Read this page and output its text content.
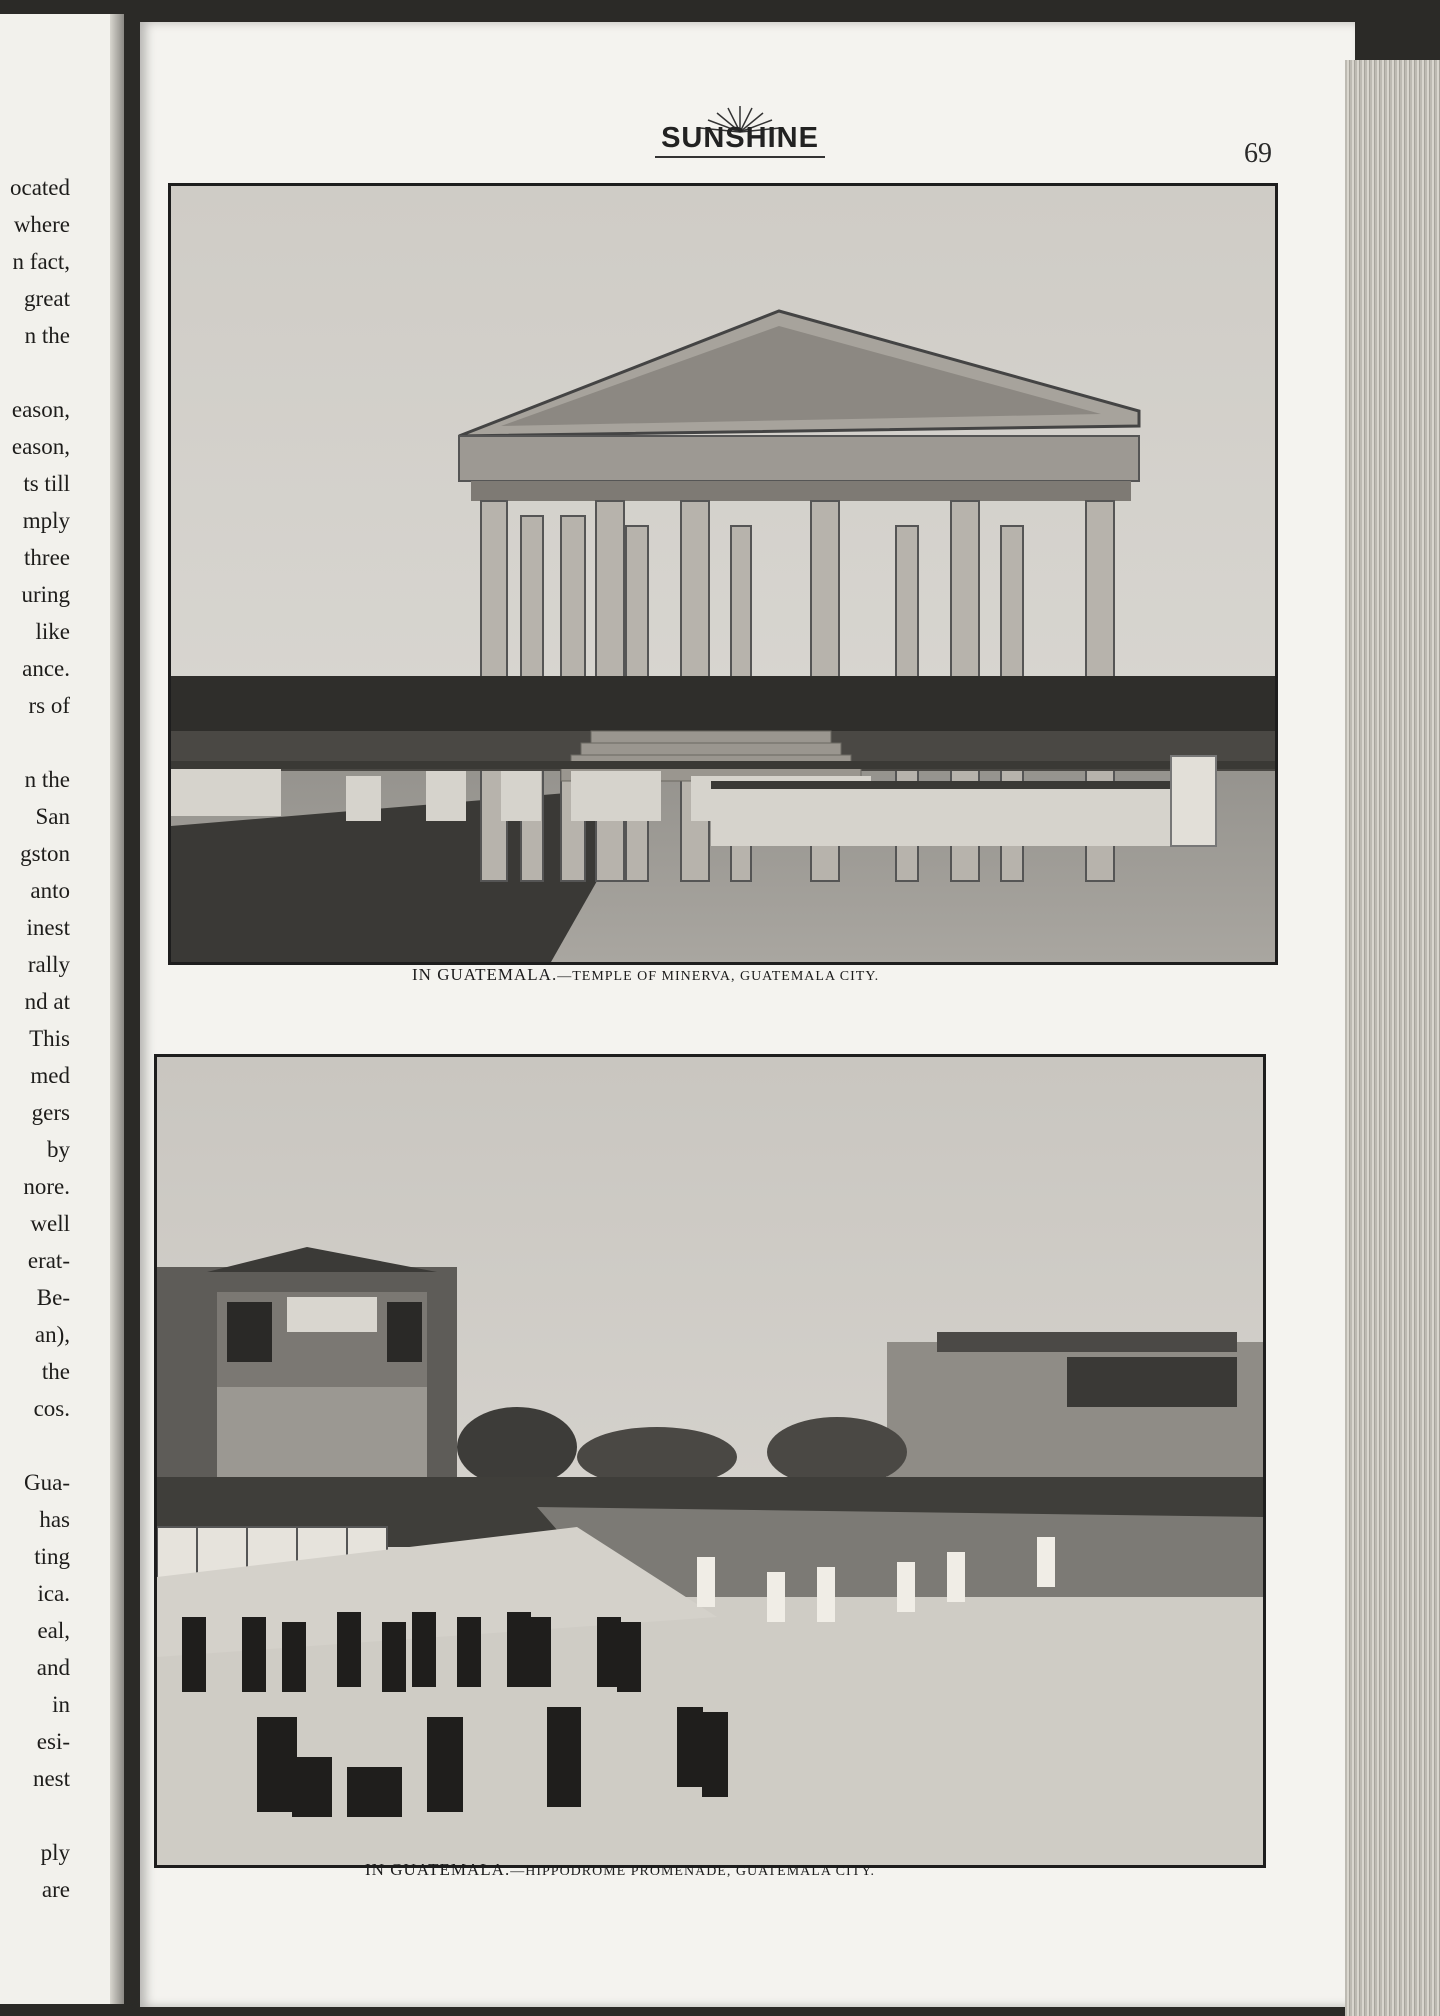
ocated
where
n fact,
great
n the
eason,
eason,
ts till
mply
three
uring
like
ance.
rs of
n the
San
gston
anto
inest
rally
nd at
This
med
gers
by
nore.
well
erat-
Be-
an),
the
cos.
Gua-
has
ting
ica.
eal,
and
in
esi-
nest
ply
are
SUNSHINE	69
IN GUATEMALA.—TEMPLE OF MINERVA, GUATEMALA CITY.
IN GUATEMALA.—HIPPODROME PROMENADE, GUATEMALA CITY.
